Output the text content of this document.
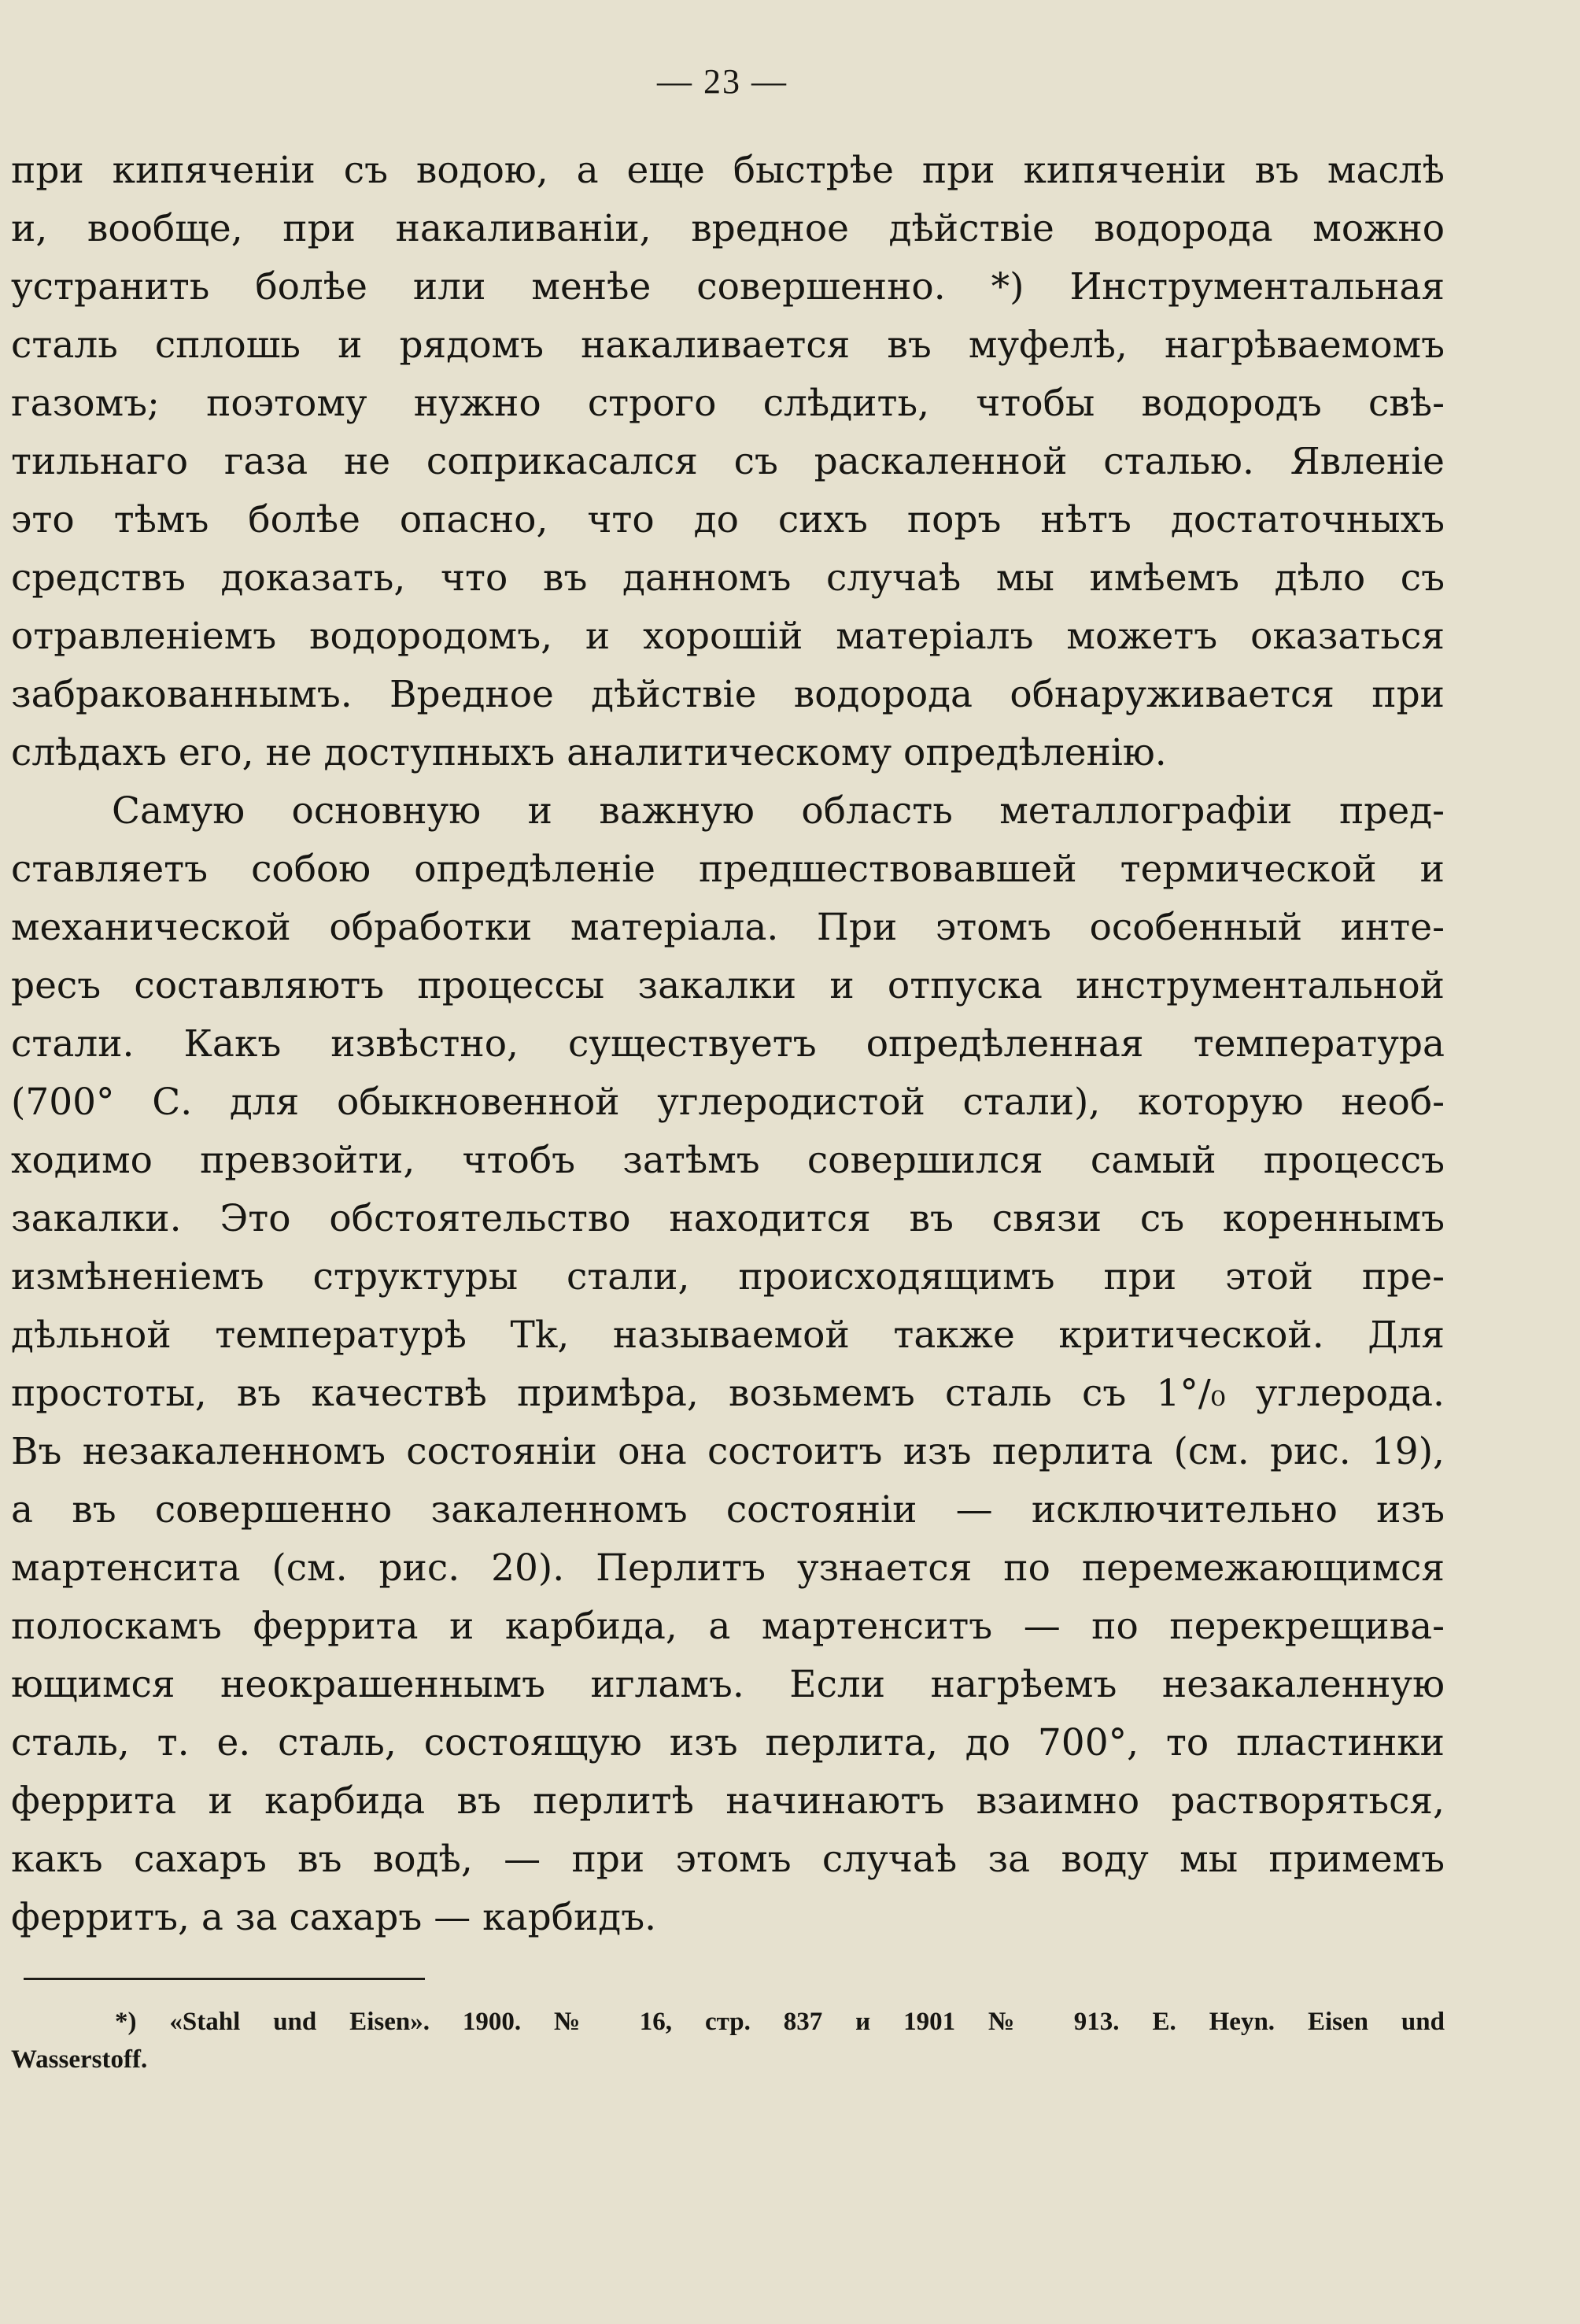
— 23 —
при кипяченіи съ водою, а еще быстрѣе при кипяченіи въ маслѣ
и, вообще, при накаливаніи, вредное дѣйствіе водорода можно
устранить болѣе или менѣе совершенно. *) Инструментальная
сталь сплошь и рядомъ накаливается въ муфелѣ, нагрѣваемомъ
газомъ; поэтому нужно строго слѣдить, чтобы водородъ свѣ-
тильнаго газа не соприкасался съ раскаленной сталью. Явленіе
это тѣмъ болѣе опасно, что до сихъ поръ нѣтъ достаточныхъ
средствъ доказать, что въ данномъ случаѣ мы имѣемъ дѣло съ
отравленіемъ водородомъ, и хорошій матеріалъ можетъ оказаться
забракованнымъ. Вредное дѣйствіе водорода обнаруживается при
слѣдахъ его, не доступныхъ аналитическому опредѣленію.
Самую основную и важную область металлографіи пред-
ставляетъ собою опредѣленіе предшествовавшей термической и
механической обработки матеріала. При этомъ особенный инте-
ресъ составляютъ процессы закалки и отпуска инструментальной
стали. Какъ извѣстно, существуетъ опредѣленная температура
(700° С. для обыкновенной углеродистой стали), которую необ-
ходимо превзойти, чтобъ затѣмъ совершился самый процессъ
закалки. Это обстоятельство находится въ связи съ кореннымъ
измѣненіемъ структуры стали, происходящимъ при этой пре-
дѣльной температурѣ Tk, называемой также критической. Для
простоты, въ качествѣ примѣра, возьмемъ сталь съ 1°/₀ углерода.
Въ незакаленномъ состояніи она состоитъ изъ перлита (см. рис. 19),
а въ совершенно закаленномъ состояніи — исключительно изъ
мартенсита (см. рис. 20). Перлитъ узнается по перемежающимся
полоскамъ феррита и карбида, а мартенситъ — по перекрещива-
ющимся неокрашеннымъ игламъ. Если нагрѣемъ незакаленную
сталь, т. е. сталь, состоящую изъ перлита, до 700°, то пластинки
феррита и карбида въ перлитѣ начинаютъ взаимно растворяться,
какъ сахаръ въ водѣ, — при этомъ случаѣ за воду мы примемъ
ферритъ, а за сахаръ — карбидъ.
*) «Stahl und Eisen». 1900. № 16, стр. 837 и 1901 № 913. E. Heyn. Eisen und
Wasserstoff.
